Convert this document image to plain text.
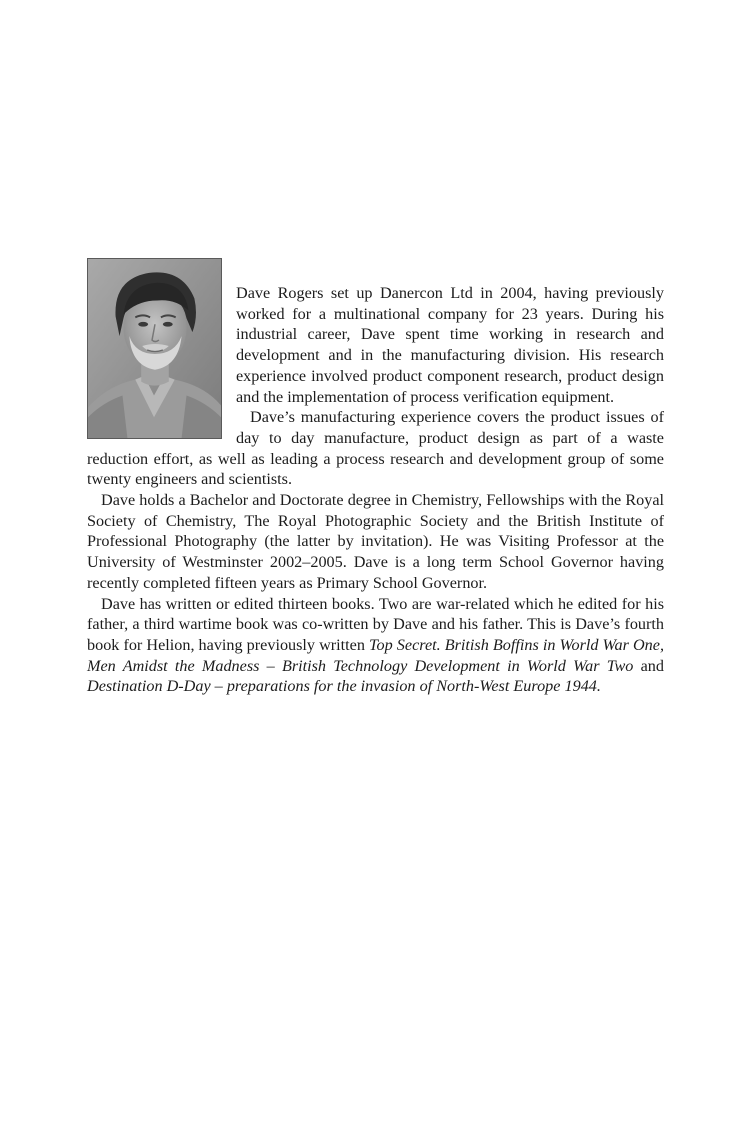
Dave Rogers set up Danercon Ltd in 2004, having previously worked for a multinational company for 23 years. During his industrial career, Dave spent time working in research and development and in the manufacturing division. His research experience involved product component research, product design and the implementation of process verification equipment.

Dave’s manufacturing experience covers the product issues of day to day manufacture, product design as part of a waste reduction effort, as well as leading a process research and development group of some twenty engineers and scientists.

Dave holds a Bachelor and Doctorate degree in Chemistry, Fellowships with the Royal Society of Chemistry, The Royal Photographic Society and the British Institute of Professional Photography (the latter by invitation). He was Visiting Professor at the University of Westminster 2002–2005. Dave is a long term School Governor having recently completed fifteen years as Primary School Governor.

Dave has written or edited thirteen books. Two are war-related which he edited for his father, a third wartime book was co-written by Dave and his father. This is Dave’s fourth book for Helion, having previously written Top Secret. British Boffins in World War One, Men Amidst the Madness – British Technology Development in World War Two and Destination D-Day – preparations for the invasion of North-West Europe 1944.
